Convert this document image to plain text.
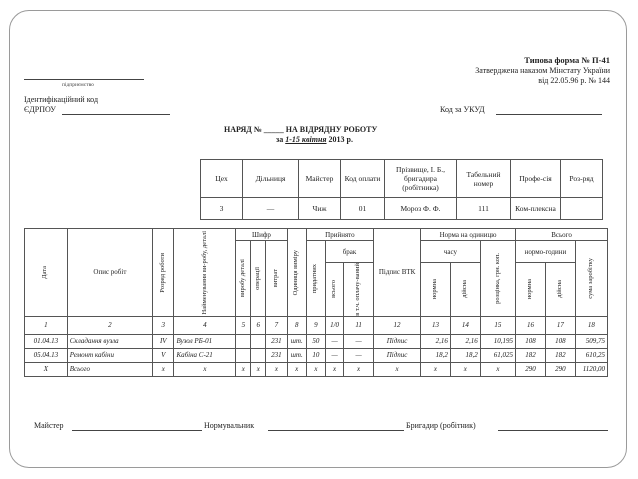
Типова форма № П-41
Затверджена наказом Мінстату України
від 22.05.96 р. № 144
підприємство
Ідентифікаційний код
ЄДРПОУ	Код за УКУД
НАРЯД № _____ НА ВІДРЯДНУ РОБОТУ
за 1-15 квітня 2013 р.
Цех	Дільниця	Майстер	Код оплати	Прізвище, І. Б., бригадира (робітника)	Табельний номер	Профе-сія	Роз-ряд
3	—	Чиж	01	Мороз Ф. Ф.	111	Ком-плексна	
Дата	Опис робіт	Розряд роботи	Найменування ви-робу, деталі	Шифр			Одиниця виміру	Прийнято			Підпис ВТК	Норма на одиницю			Всього		

				виробу деталі	операції	витрат		придатних	брак			часу		розцінка, грн. коп.	нормо-години		сума заробітку

									всього	в т.ч. оплачу-ваний		нормна	дійсна		нормна	дійсна	

1	2	3	4	5	6	7	8	9	1/0	11	12	13	14	15	16	17	18
01.04.13	Складання вузла	IV	Вузол РБ-01			231	шт.	50	—	—	Підпис	2,16	2,16	10,195	108	108	509,75
05.04.13	Ремонт кабіни	V	Кабіна С-21			231	шт.	10	—	—	Підпис	18,2	18,2	61,025	182	182	610,25
Х	Всього	х	х	х	х	х	х	х	х	х	х	х	х	х	290	290	1120,00
Майстер	Нормувальник	Бригадир (робітник)
